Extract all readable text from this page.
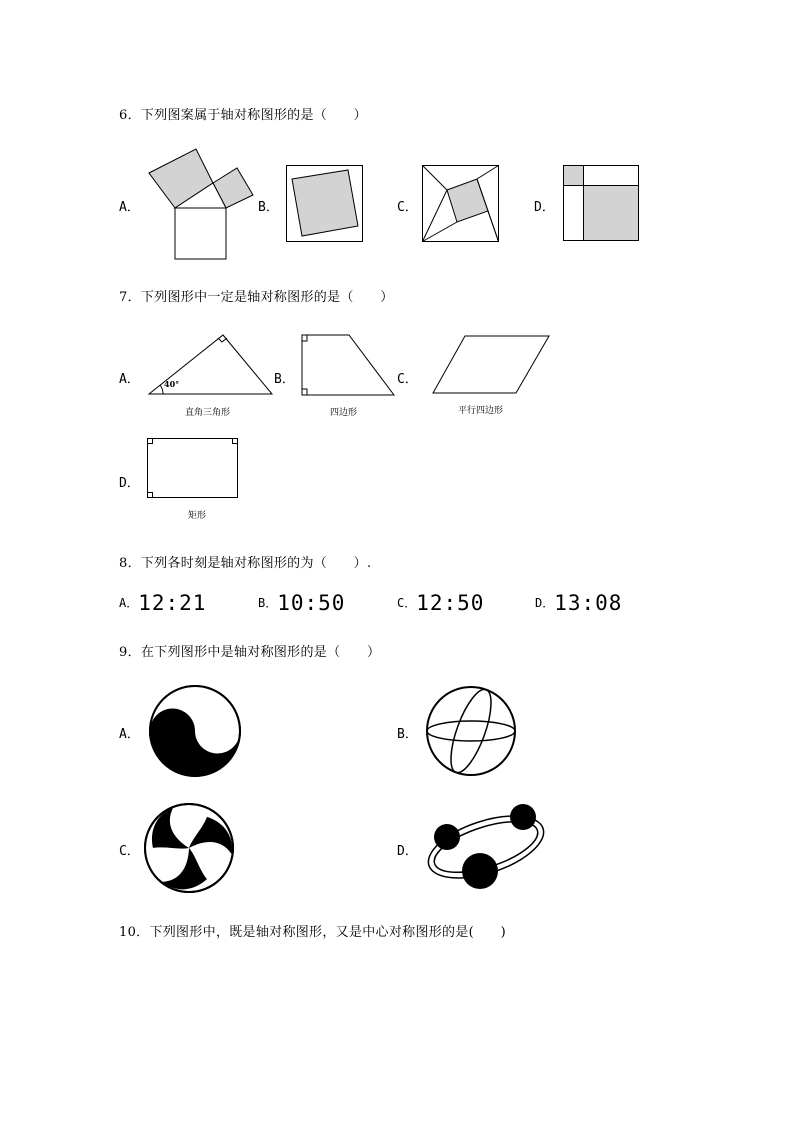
6．下列图案属于轴对称图形的是（　　）
A．	B．	C．	D．
7．下列图形中一定是轴对称图形的是（　　）
A．	40°
直角三角形
B．
四边形
C．
平行四边形
D．
矩形
8．下列各时刻是轴对称图形的为（　　）.
A．12:21	B．10:50	C．12:50	D．13:08
9．在下列图形中是轴对称图形的是（　　）
A．	B．
C．	D．
10．下列图形中，既是轴对称图形，又是中心对称图形的是(　　)
